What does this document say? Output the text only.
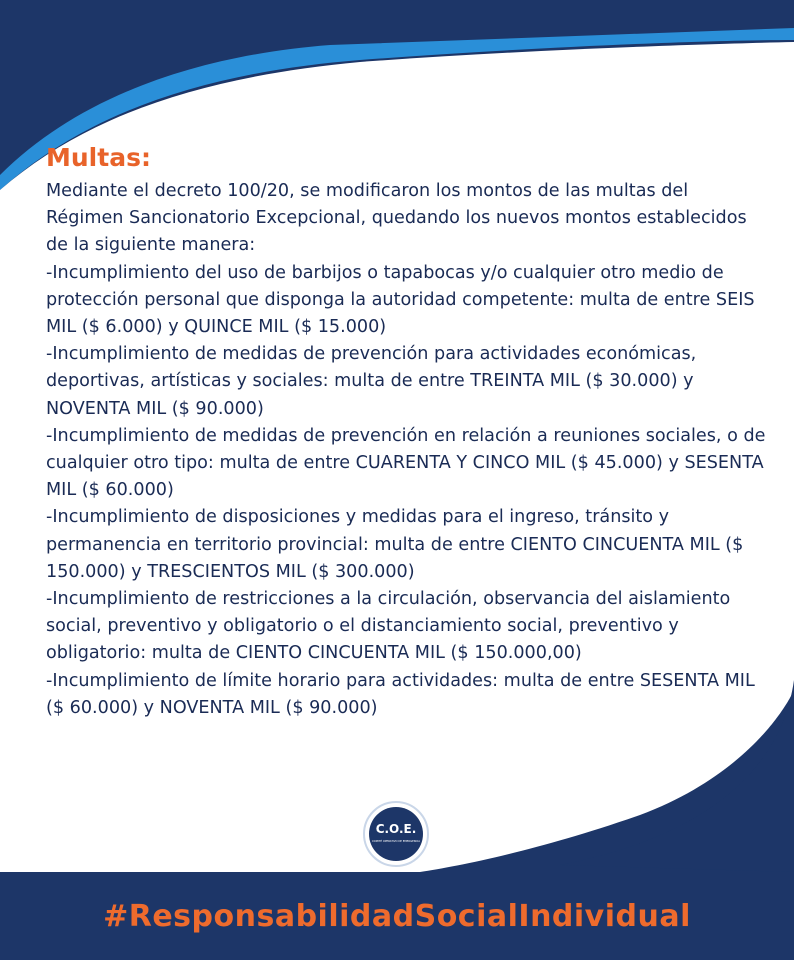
Multas:

Mediante el decreto 100/20, se modificaron los montos de las multas del Régimen Sancionatorio Excepcional, quedando los nuevos montos establecidos de la siguiente manera:

-Incumplimiento del uso de barbijos o tapabocas y/o cualquier otro medio de protección personal que disponga la autoridad competente: multa de entre SEIS MIL ($ 6.000) y QUINCE MIL ($ 15.000)

-Incumplimiento de medidas de prevención para actividades económicas, deportivas, artísticas y sociales: multa de entre TREINTA MIL ($ 30.000) y NOVENTA MIL ($ 90.000)

-Incumplimiento de medidas de prevención en relación a reuniones sociales, o de cualquier otro tipo: multa de entre CUARENTA Y CINCO MIL ($ 45.000) y SESENTA MIL ($ 60.000)

-Incumplimiento de disposiciones y medidas para el ingreso, tránsito y permanencia en territorio provincial: multa de entre CIENTO CINCUENTA MIL ($ 150.000) y TRESCIENTOS MIL ($ 300.000)

-Incumplimiento de restricciones a la circulación, observancia del aislamiento social, preventivo y obligatorio o el distanciamiento social, preventivo y obligatorio: multa de CIENTO CINCUENTA MIL ($ 150.000,00)

-Incumplimiento de límite horario para actividades: multa de entre SESENTA MIL ($ 60.000) y NOVENTA MIL ($ 90.000)

C.O.E.
COMITÉ OPERATIVO DE EMERGENCIA
#ResponsabilidadSocialIndividual
